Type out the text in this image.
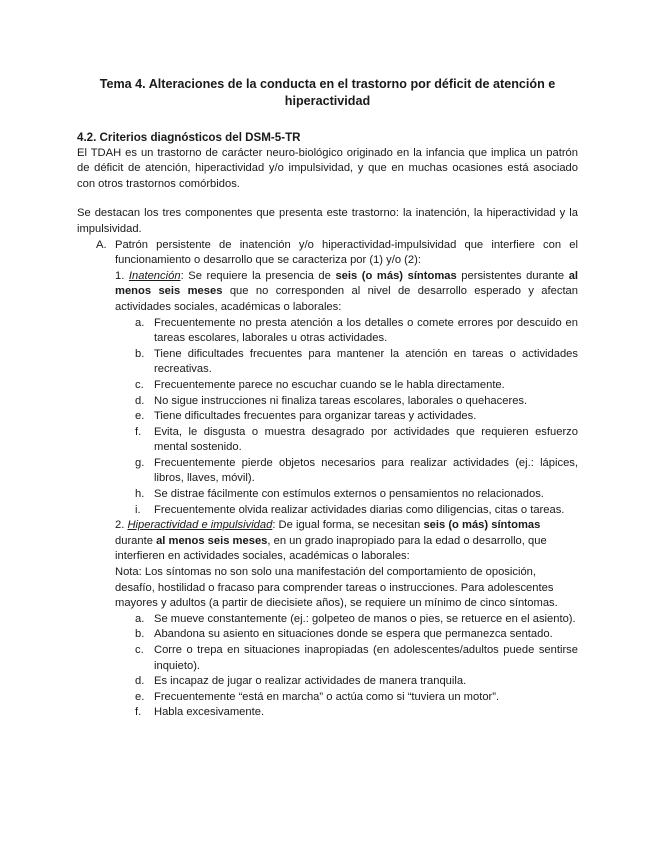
Tema 4. Alteraciones de la conducta en el trastorno por déficit de atención e hiperactividad
4.2. Criterios diagnósticos del DSM-5-TR
El TDAH es un trastorno de carácter neuro-biológico originado en la infancia que implica un patrón de déficit de atención, hiperactividad y/o impulsividad, y que en muchas ocasiones está asociado con otros trastornos comórbidos.
Se destacan los tres componentes que presenta este trastorno: la inatención, la hiperactividad y la impulsividad.
A. Patrón persistente de inatención y/o hiperactividad-impulsividad que interfiere con el funcionamiento o desarrollo que se caracteriza por (1) y/o (2):
1. Inatención: Se requiere la presencia de seis (o más) síntomas persistentes durante al menos seis meses que no corresponden al nivel de desarrollo esperado y afectan actividades sociales, académicas o laborales:
a. Frecuentemente no presta atención a los detalles o comete errores por descuido en tareas escolares, laborales u otras actividades.
b. Tiene dificultades frecuentes para mantener la atención en tareas o actividades recreativas.
c. Frecuentemente parece no escuchar cuando se le habla directamente.
d. No sigue instrucciones ni finaliza tareas escolares, laborales o quehaceres.
e. Tiene dificultades frecuentes para organizar tareas y actividades.
f.	Evita, le disgusta o muestra desagrado por actividades que requieren esfuerzo mental sostenido.
g. Frecuentemente pierde objetos necesarios para realizar actividades (ej.: lápices, libros, llaves, móvil).
h. Se distrae fácilmente con estímulos externos o pensamientos no relacionados.
i.	Frecuentemente olvida realizar actividades diarias como diligencias, citas o tareas.
2. Hiperactividad e impulsividad: De igual forma, se necesitan seis (o más) síntomas durante al menos seis meses, en un grado inapropiado para la edad o desarrollo, que interfieren en actividades sociales, académicas o laborales:
Nota: Los síntomas no son solo una manifestación del comportamiento de oposición, desafío, hostilidad o fracaso para comprender tareas o instrucciones. Para adolescentes mayores y adultos (a partir de diecisiete años), se requiere un mínimo de cinco síntomas.
a. Se mueve constantemente (ej.: golpeteo de manos o pies, se retuerce en el asiento).
b. Abandona su asiento en situaciones donde se espera que permanezca sentado.
c. Corre o trepa en situaciones inapropiadas (en adolescentes/adultos puede sentirse inquieto).
d. Es incapaz de jugar o realizar actividades de manera tranquila.
e. Frecuentemente “está en marcha” o actúa como si “tuviera un motor”.
f.	Habla excesivamente.
